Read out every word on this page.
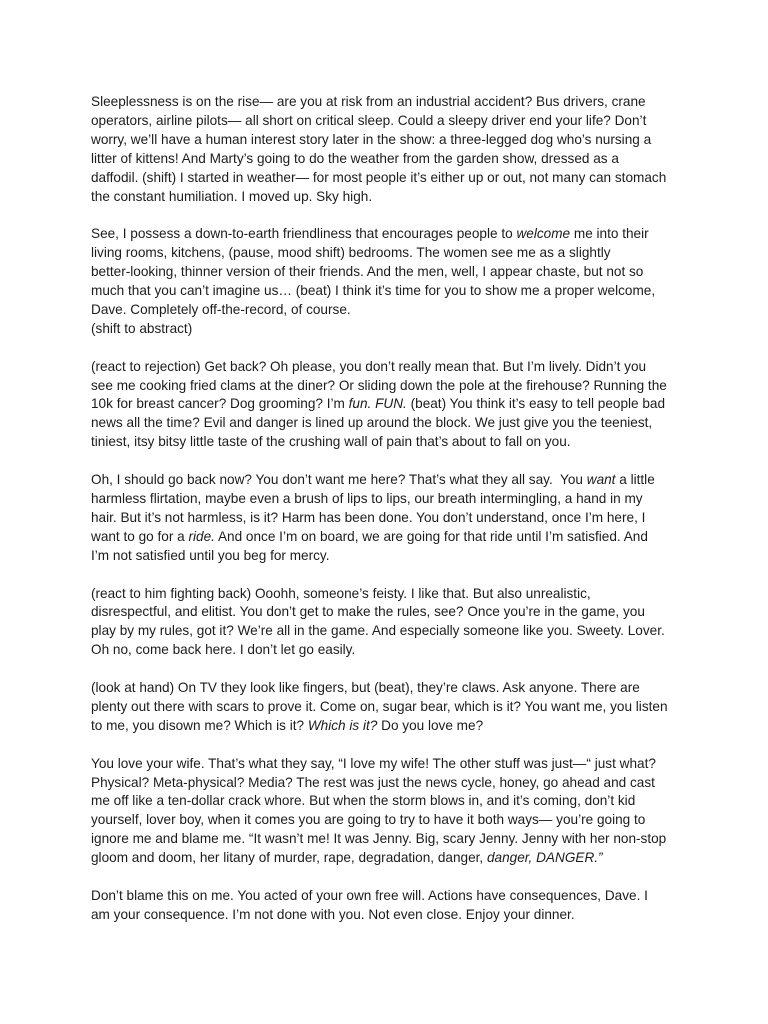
Sleeplessness is on the rise— are you at risk from an industrial accident? Bus drivers, crane
operators, airline pilots— all short on critical sleep. Could a sleepy driver end your life? Don’t
worry, we’ll have a human interest story later in the show: a three-legged dog who’s nursing a
litter of kittens! And Marty’s going to do the weather from the garden show, dressed as a
daffodil. (shift) I started in weather— for most people it’s either up or out, not many can stomach
the constant humiliation. I moved up. Sky high.
See, I possess a down-to-earth friendliness that encourages people to welcome me into their
living rooms, kitchens, (pause, mood shift) bedrooms. The women see me as a slightly
better-looking, thinner version of their friends. And the men, well, I appear chaste, but not so
much that you can’t imagine us… (beat) I think it’s time for you to show me a proper welcome,
Dave. Completely off-the-record, of course.
(shift to abstract)
(react to rejection) Get back? Oh please, you don’t really mean that. But I’m lively. Didn’t you
see me cooking fried clams at the diner? Or sliding down the pole at the firehouse? Running the
10k for breast cancer? Dog grooming? I’m fun. FUN. (beat) You think it’s easy to tell people bad
news all the time? Evil and danger is lined up around the block. We just give you the teeniest,
tiniest, itsy bitsy little taste of the crushing wall of pain that’s about to fall on you.
Oh, I should go back now? You don’t want me here? That’s what they all say.  You want a little
harmless flirtation, maybe even a brush of lips to lips, our breath intermingling, a hand in my
hair. But it’s not harmless, is it? Harm has been done. You don’t understand, once I’m here, I
want to go for a ride. And once I’m on board, we are going for that ride until I’m satisfied. And
I’m not satisfied until you beg for mercy.
(react to him fighting back) Ooohh, someone’s feisty. I like that. But also unrealistic,
disrespectful, and elitist. You don’t get to make the rules, see? Once you’re in the game, you
play by my rules, got it? We’re all in the game. And especially someone like you. Sweety. Lover.
Oh no, come back here. I don’t let go easily.
(look at hand) On TV they look like fingers, but (beat), they’re claws. Ask anyone. There are
plenty out there with scars to prove it. Come on, sugar bear, which is it? You want me, you listen
to me, you disown me? Which is it? Which is it? Do you love me?
You love your wife. That’s what they say, “I love my wife! The other stuff was just—“ just what?
Physical? Meta-physical? Media? The rest was just the news cycle, honey, go ahead and cast
me off like a ten-dollar crack whore. But when the storm blows in, and it’s coming, don’t kid
yourself, lover boy, when it comes you are going to try to have it both ways— you’re going to
ignore me and blame me. “It wasn’t me! It was Jenny. Big, scary Jenny. Jenny with her non-stop
gloom and doom, her litany of murder, rape, degradation, danger, danger, DANGER.”
Don’t blame this on me. You acted of your own free will. Actions have consequences, Dave. I
am your consequence. I’m not done with you. Not even close. Enjoy your dinner.
